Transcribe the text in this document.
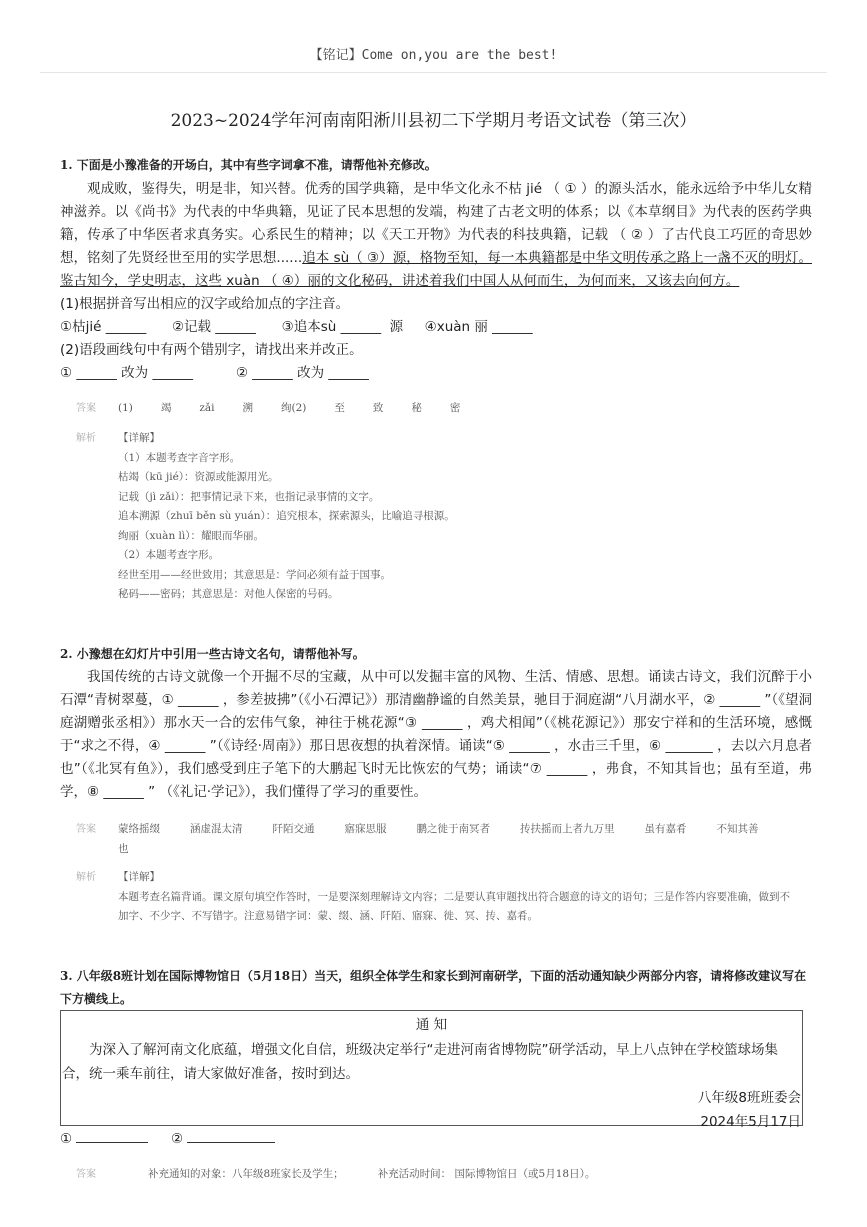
【铭记】Come on,you are the best!
2023~2024学年河南南阳淅川县初二下学期月考语文试卷（第三次）
1. 下面是小豫准备的开场白，其中有些字词拿不准，请帮他补充修改。
观成败，鉴得失，明是非，知兴替。优秀的国学典籍，是中华文化永不枯 jié （ ① ）的源头活水，能永远给予中华儿女精神滋养。以《尚书》为代表的中华典籍，见证了民本思想的发端，构建了古老文明的体系；以《本草纲目》为代表的医药学典籍，传承了中华医者求真务实。心系民生的精神；以《天工开物》为代表的科技典籍，记载 （ ② ）了古代良工巧匠的奇思妙想，铭刻了先贤经世至用的实学思想......追本 sù（ ③）源，格物至知，每一本典籍都是中华文明传承之路上一盏不灭的明灯。鉴古知今，学史明志，这些 xuàn （ ④）丽的文化秘码，讲述着我们中国人从何而生，为何而来，又该去向何方。
(1)根据拼音写出相应的汉字或给加点的字注音。
①枯jié ______      ②记载 ______      ③追本sù ______  源     ④xuàn 丽 ______
(2)语段画线句中有两个错别字，请找出来并改正。
① ______ 改为 ______          ② ______ 改为 ______
答案 (1)	竭	zǎi	溯	绚(2)	至	致	秘	密
解析 【详解】
（1）本题考查字音字形。
枯竭（kū jié）：资源或能源用光。
记载（jì zǎi）：把事情记录下来，也指记录事情的文字。
追本溯源（zhuī běn sù yuán）：追究根本，探索源头，比喻追寻根源。
绚丽（xuàn lì）：耀眼而华丽。
（2）本题考查字形。
经世至用——经世致用；其意思是：学问必须有益于国事。
秘码——密码；其意思是：对他人保密的号码。
2. 小豫想在幻灯片中引用一些古诗文名句，请帮他补写。
我国传统的古诗文就像一个开掘不尽的宝藏，从中可以发掘丰富的风物、生活、情感、思想。诵读古诗文，我们沉醉于小石潭“青树翠蔓，① ______ ，参差披拂”（《小石潭记》）那清幽静谧的自然美景，驰目于洞庭湖“八月湖水平，② ______ ”（《望洞庭湖赠张丞相》）那水天一合的宏伟气象，神往于桃花源“③ ______ ，鸡犬相闻”（《桃花源记》）那安宁祥和的生活环境，感慨于“求之不得，④ ______ ”（《诗经·周南》）那日思夜想的执着深情。诵读“⑤ ______ ，水击三千里，⑥ _______ ，去以六月息者也”（《北冥有鱼》），我们感受到庄子笔下的大鹏起飞时无比恢宏的气势；诵读“⑦ ______ ，弗食，不知其旨也；虽有至道，弗学，⑧ ______ ” （《礼记·学记》），我们懂得了学习的重要性。
答案 蒙络摇缀	涵虚混太清	阡陌交通	寤寐思服	鹏之徙于南冥者	抟扶摇而上者九万里	虽有嘉肴	不知其善也
解析 【详解】
本题考查名篇背诵。课文原句填空作答时，一是要深刻理解诗文内容；二是要认真审题找出符合题意的诗文的语句；三是作答内容要准确，做到不加字、不少字、不写错字。注意易错字词：蒙、缀、涵、阡陌、寤寐、徙、冥、抟、嘉肴。
3. 八年级8班计划在国际博物馆日（5月18日）当天，组织全体学生和家长到河南研学，下面的活动通知缺少两部分内容，请将修改建议写在下方横线上。
通 知
为深入了解河南文化底蕴，增强文化自信，班级决定举行“走进河南省博物院”研学活动，早上八点钟在学校篮球场集合，统一乘车前往，请大家做好准备，按时到达。
八年级8班班委会
2024年5月17日
①	②
答案	补充通知的对象：八年级8班家长及学生；	补充活动时间： 国际博物馆日（或5月18日）。
